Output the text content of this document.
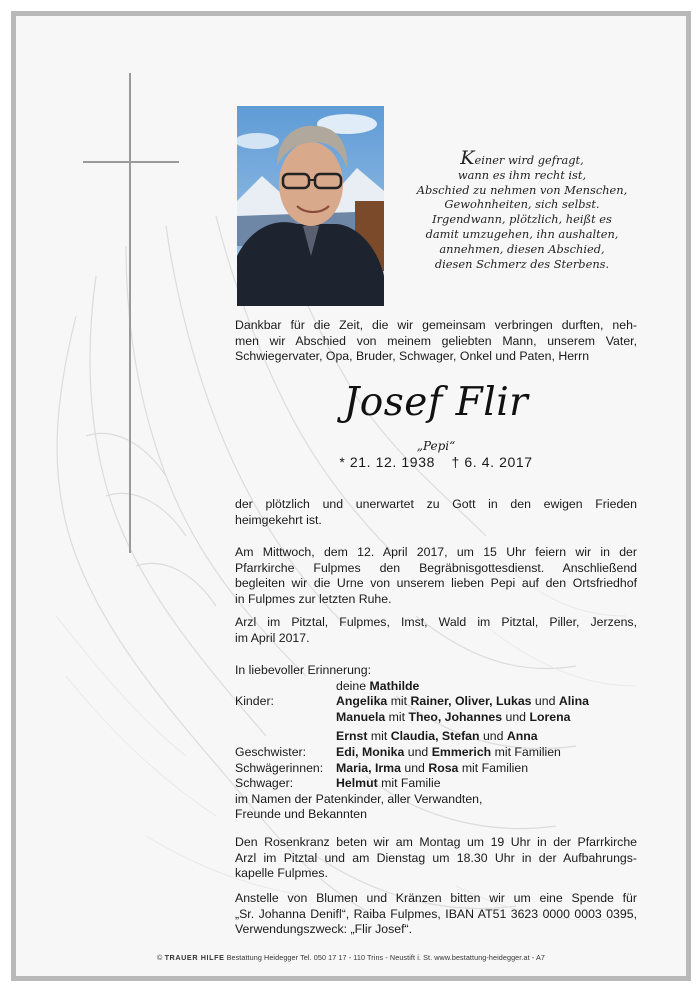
Keiner wird gefragt,
wann es ihm recht ist,
Abschied zu nehmen von Menschen,
Gewohnheiten, sich selbst.
Irgendwann, plötzlich, heißt es
damit umzugehen, ihn aushalten,
annehmen, diesen Abschied,
diesen Schmerz des Sterbens.
Dankbar für die Zeit, die wir gemeinsam verbringen durften, neh-
men wir Abschied von meinem geliebten Mann, unserem Vater,
Schwiegervater, Opa, Bruder, Schwager, Onkel und Paten, Herrn
Josef Flir
„Pepi“
* 21. 12. 1938 † 6. 4. 2017
der plötzlich und unerwartet zu Gott in den ewigen Frieden
heimgekehrt ist.
Am Mittwoch, dem 12. April 2017, um 15 Uhr feiern wir in der
Pfarrkirche Fulpmes den Begräbnisgottesdienst. Anschließend
begleiten wir die Urne von unserem lieben Pepi auf den Ortsfriedhof
in Fulpmes zur letzten Ruhe.
Arzl im Pitztal, Fulpmes, Imst, Wald im Pitztal, Piller, Jerzens,
im April 2017.
In liebevoller Erinnerung:
deine Mathilde
Kinder:	Angelika mit Rainer, Oliver, Lukas und Alina
Manuela mit Theo, Johannes und Lorena
Ernst mit Claudia, Stefan und Anna
Geschwister: Edi, Monika und Emmerich mit Familien
Schwägerinnen: Maria, Irma und Rosa mit Familien
Schwager:	Helmut mit Familie
im Namen der Patenkinder, aller Verwandten,
Freunde und Bekannten
Den Rosenkranz beten wir am Montag um 19 Uhr in der Pfarrkirche
Arzl im Pitztal und am Dienstag um 18.30 Uhr in der Aufbahrungs-
kapelle Fulpmes.
Anstelle von Blumen und Kränzen bitten wir um eine Spende für
„Sr. Johanna Denifl“, Raiba Fulpmes, IBAN AT51 3623 0000 0003 0395,
Verwendungszweck: „Flir Josef“.
© TRAUER HILFE Bestattung Heidegger Tel. 050 17 17 - 110 Trins - Neustift i. St. www.bestattung-heidegger.at - A7
